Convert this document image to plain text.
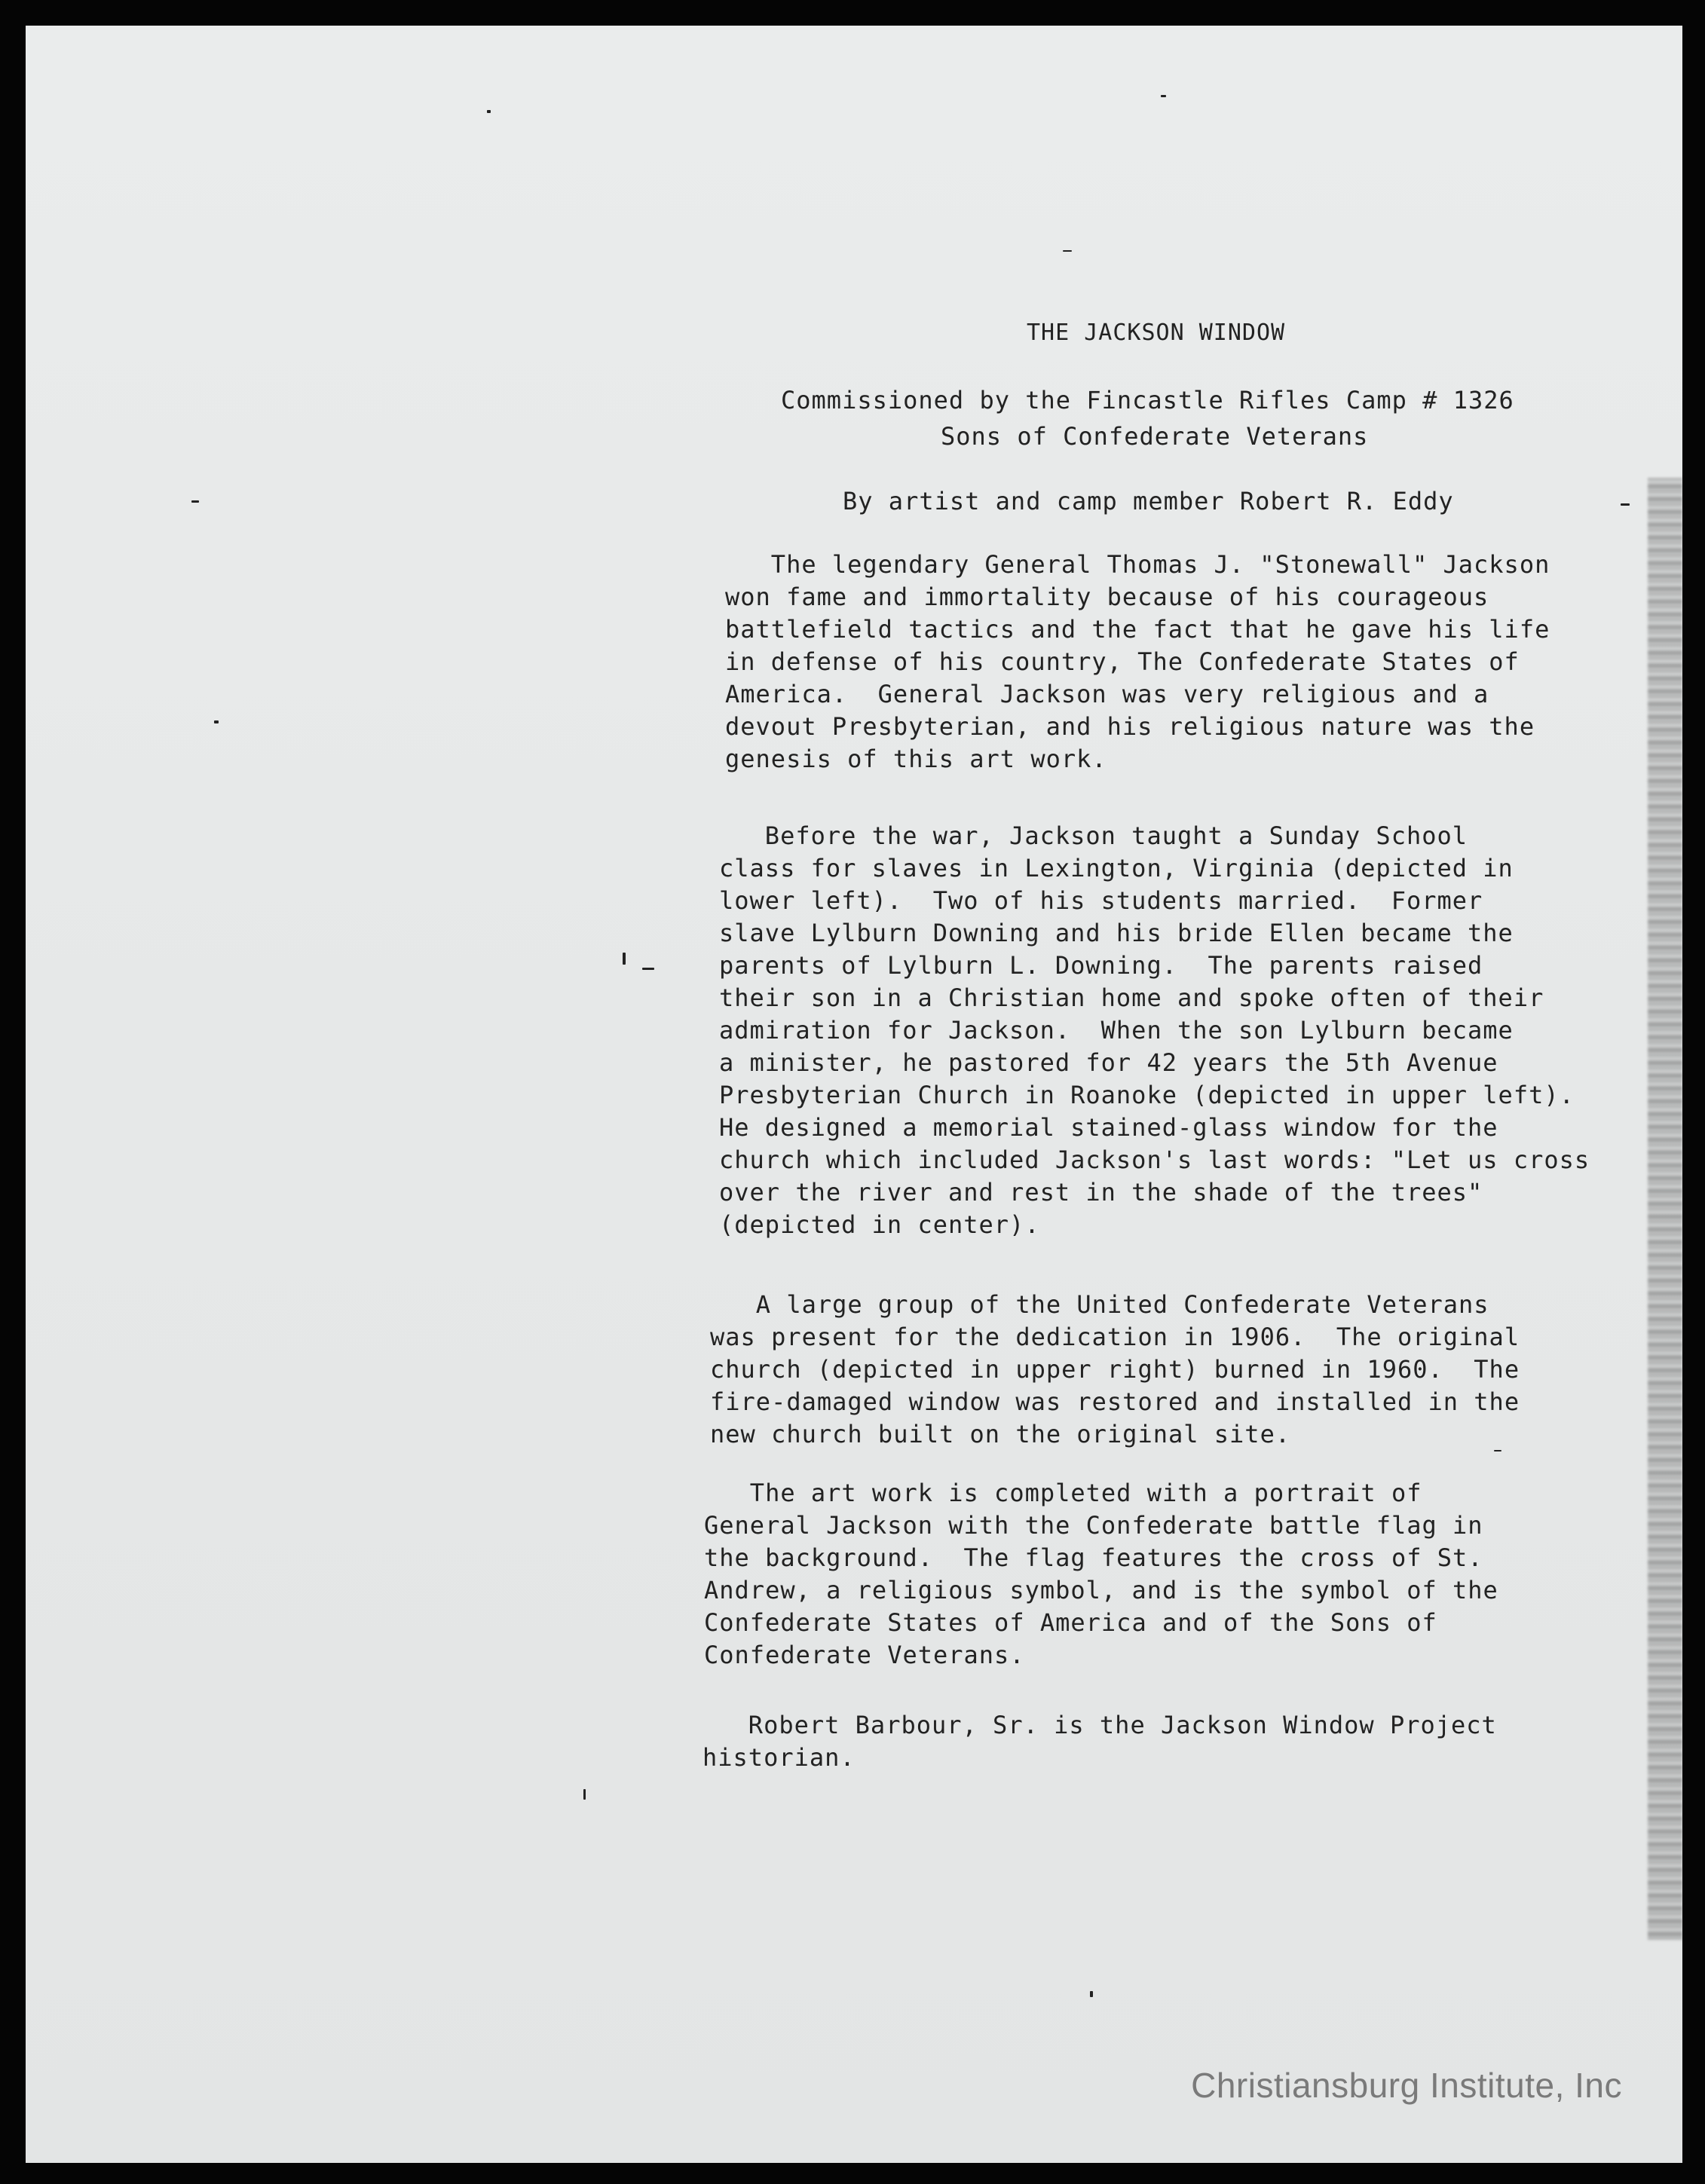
THE JACKSON WINDOW
Commissioned by the Fincastle Rifles Camp # 1326
Sons of Confederate Veterans
By artist and camp member Robert R. Eddy
The legendary General Thomas J. "Stonewall" Jackson
won fame and immortality because of his courageous
battlefield tactics and the fact that he gave his life
in defense of his country, The Confederate States of
America.  General Jackson was very religious and a
devout Presbyterian, and his religious nature was the
genesis of this art work.
Before the war, Jackson taught a Sunday School
class for slaves in Lexington, Virginia (depicted in
lower left).  Two of his students married.  Former
slave Lylburn Downing and his bride Ellen became the
parents of Lylburn L. Downing.  The parents raised
their son in a Christian home and spoke often of their
admiration for Jackson.  When the son Lylburn became
a minister, he pastored for 42 years the 5th Avenue
Presbyterian Church in Roanoke (depicted in upper left).
He designed a memorial stained-glass window for the
church which included Jackson's last words: "Let us cross
over the river and rest in the shade of the trees"
(depicted in center).
A large group of the United Confederate Veterans
was present for the dedication in 1906.  The original
church (depicted in upper right) burned in 1960.  The
fire-damaged window was restored and installed in the
new church built on the original site.
The art work is completed with a portrait of
General Jackson with the Confederate battle flag in
the background.  The flag features the cross of St.
Andrew, a religious symbol, and is the symbol of the
Confederate States of America and of the Sons of
Confederate Veterans.
Robert Barbour, Sr. is the Jackson Window Project
historian.
Christiansburg Institute, Inc
